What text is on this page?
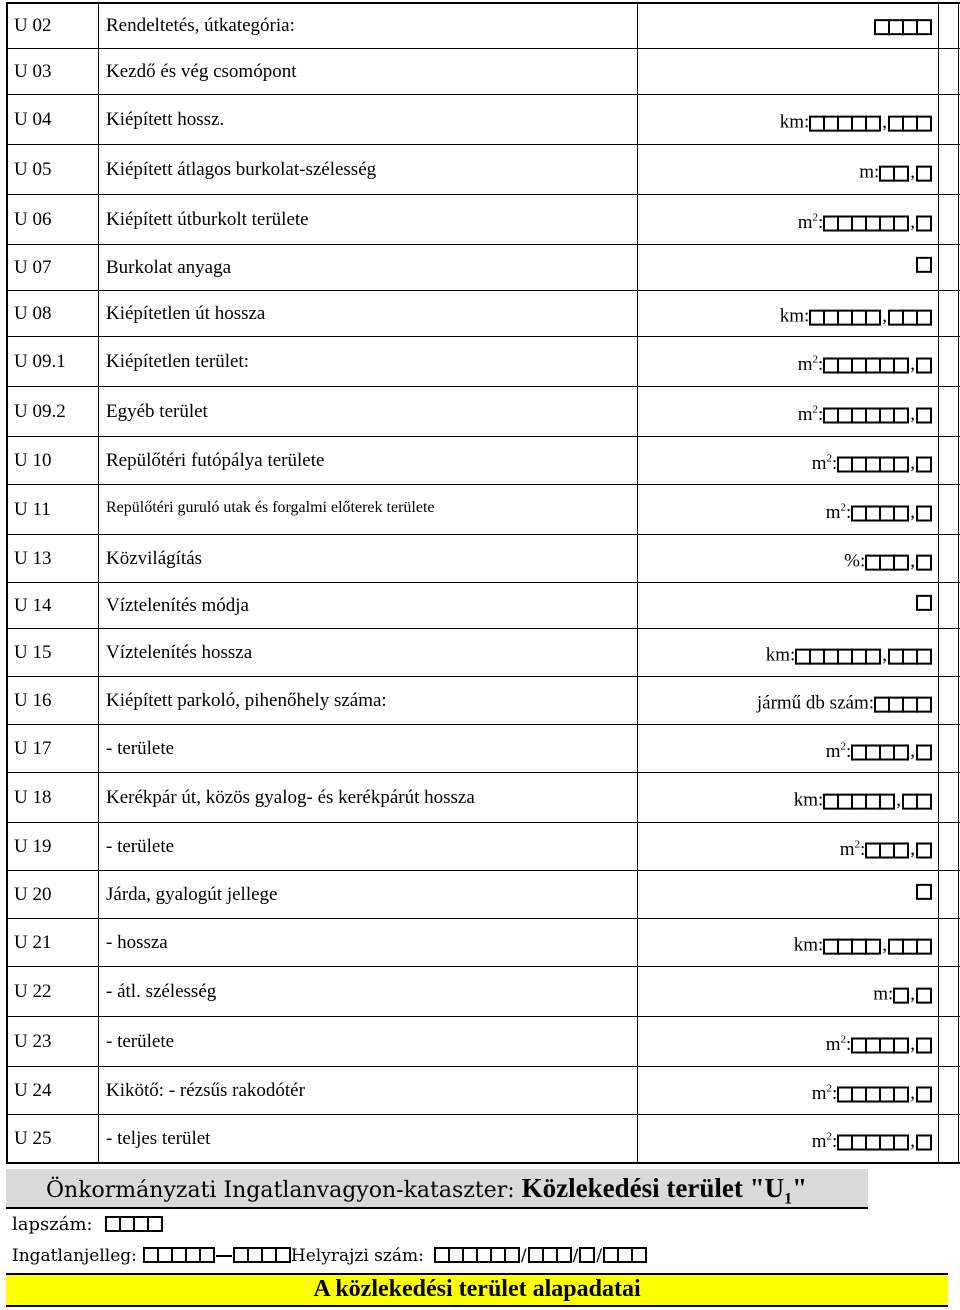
U 02	Rendeltetés, útkategória:
U 03	Kezdő és vég csomópont
U 04	Kiépített hossz.	km:	,
U 05	Kiépített átlagos burkolat-szélesség	m: ,
U 06	Kiépített útburkolt területe	$m^2$:	,
U 07	Burkolat anyaga
U 08	Kiépítetlen út hossza	km:	,
U 09.1 Kiépítetlen terület:	$m^2$:	,
U 09.2 Egyéb terület	$m^2$:	,
U 10	Repülőtéri futópálya területe	$m^2$:	,
U 11	Repülőtéri guruló utak és forgalmi előterek területe	$m^2$:	,
U 13	Közvilágítás	%: ,
U 14	Víztelenítés módja
U 15	Víztelenítés hossza	km:	,
U 16	Kiépített parkoló, pihenőhely száma:	jármű db szám:
U 17	- területe	$m^2$:	,
U 18	Kerékpár út, közös gyalog- és kerékpárút hossza	km:	,
U 19	- területe	$m^2$: ,
U 20	Járda, gyalogút jellege
U 21	- hossza	km:	,
U 22	- átl. szélesség	m: ,
U 23	- területe	$m^2$:	,
U 24	Kikötő: - rézsűs rakodótér	$m^2$:	,
U 25	- teljes terület	$m^2$:	,
Önkormányzati Ingatlanvagyon-kataszter: Közlekedési terület "$U_1$"
lapszám:
Ingatlanjelleg:	Helyrajzi szám:	/	/ /
A közlekedési terület alapadatai
